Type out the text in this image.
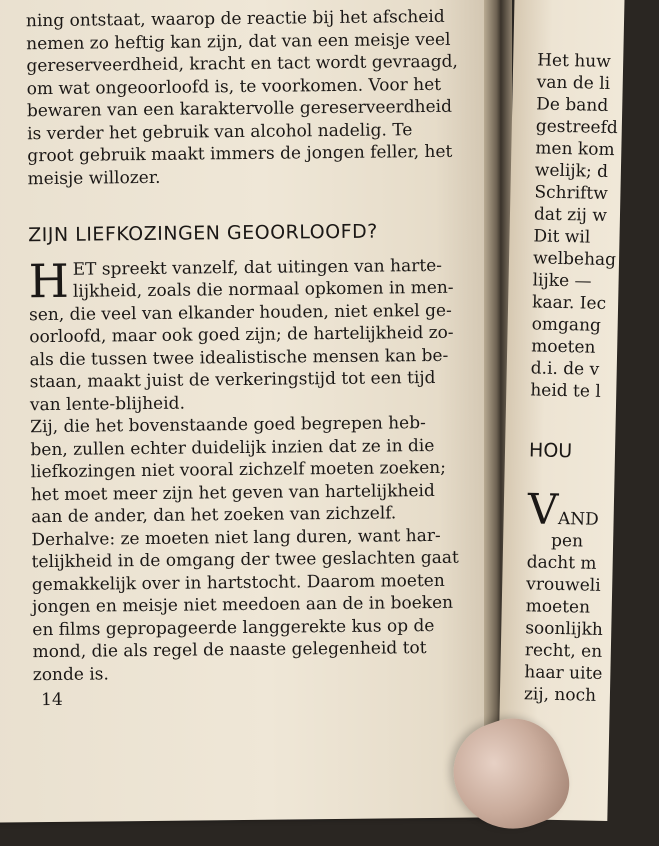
ning ontstaat, waarop de reactie bij het afscheid
nemen zo heftig kan zijn, dat van een meisje veel
gereserveerdheid, kracht en tact wordt gevraagd,
om wat ongeoorloofd is, te voorkomen. Voor het
bewaren van een karaktervolle gereserveerdheid
is verder het gebruik van alcohol nadelig. Te
groot gebruik maakt immers de jongen feller, het
meisje willozer.
ZIJN LIEFKOZINGEN GEOORLOOFD?
H ET spreekt vanzelf, dat uitingen van harte-
lijkheid, zoals die normaal opkomen in men-
sen, die veel van elkander houden, niet enkel ge-
oorloofd, maar ook goed zijn; de hartelijkheid zo-
als die tussen twee idealistische mensen kan be-
staan, maakt juist de verkeringstijd tot een tijd
van lente-blijheid.
Zij, die het bovenstaande goed begrepen heb-
ben, zullen echter duidelijk inzien dat ze in die
liefkozingen niet vooral zichzelf moeten zoeken;
het moet meer zijn het geven van hartelijkheid
aan de ander, dan het zoeken van zichzelf.
Derhalve: ze moeten niet lang duren, want har-
telijkheid in de omgang der twee geslachten gaat
gemakkelijk over in hartstocht. Daarom moeten
jongen en meisje niet meedoen aan de in boeken
en films gepropageerde langgerekte kus op de
mond, die als regel de naaste gelegenheid tot
zonde is.
14
Het huw
van de li
De band
gestreefd
men kom
welijk; d
Schriftw
dat zij w
Dit wil
welbehag
lijke —
kaar. Iec
omgang
moeten
d.i. de v
heid te l
HOU
VAND
pen
dacht m
vrouweli
moeten
soonlijkh
recht, en
haar uite
zij, noch
